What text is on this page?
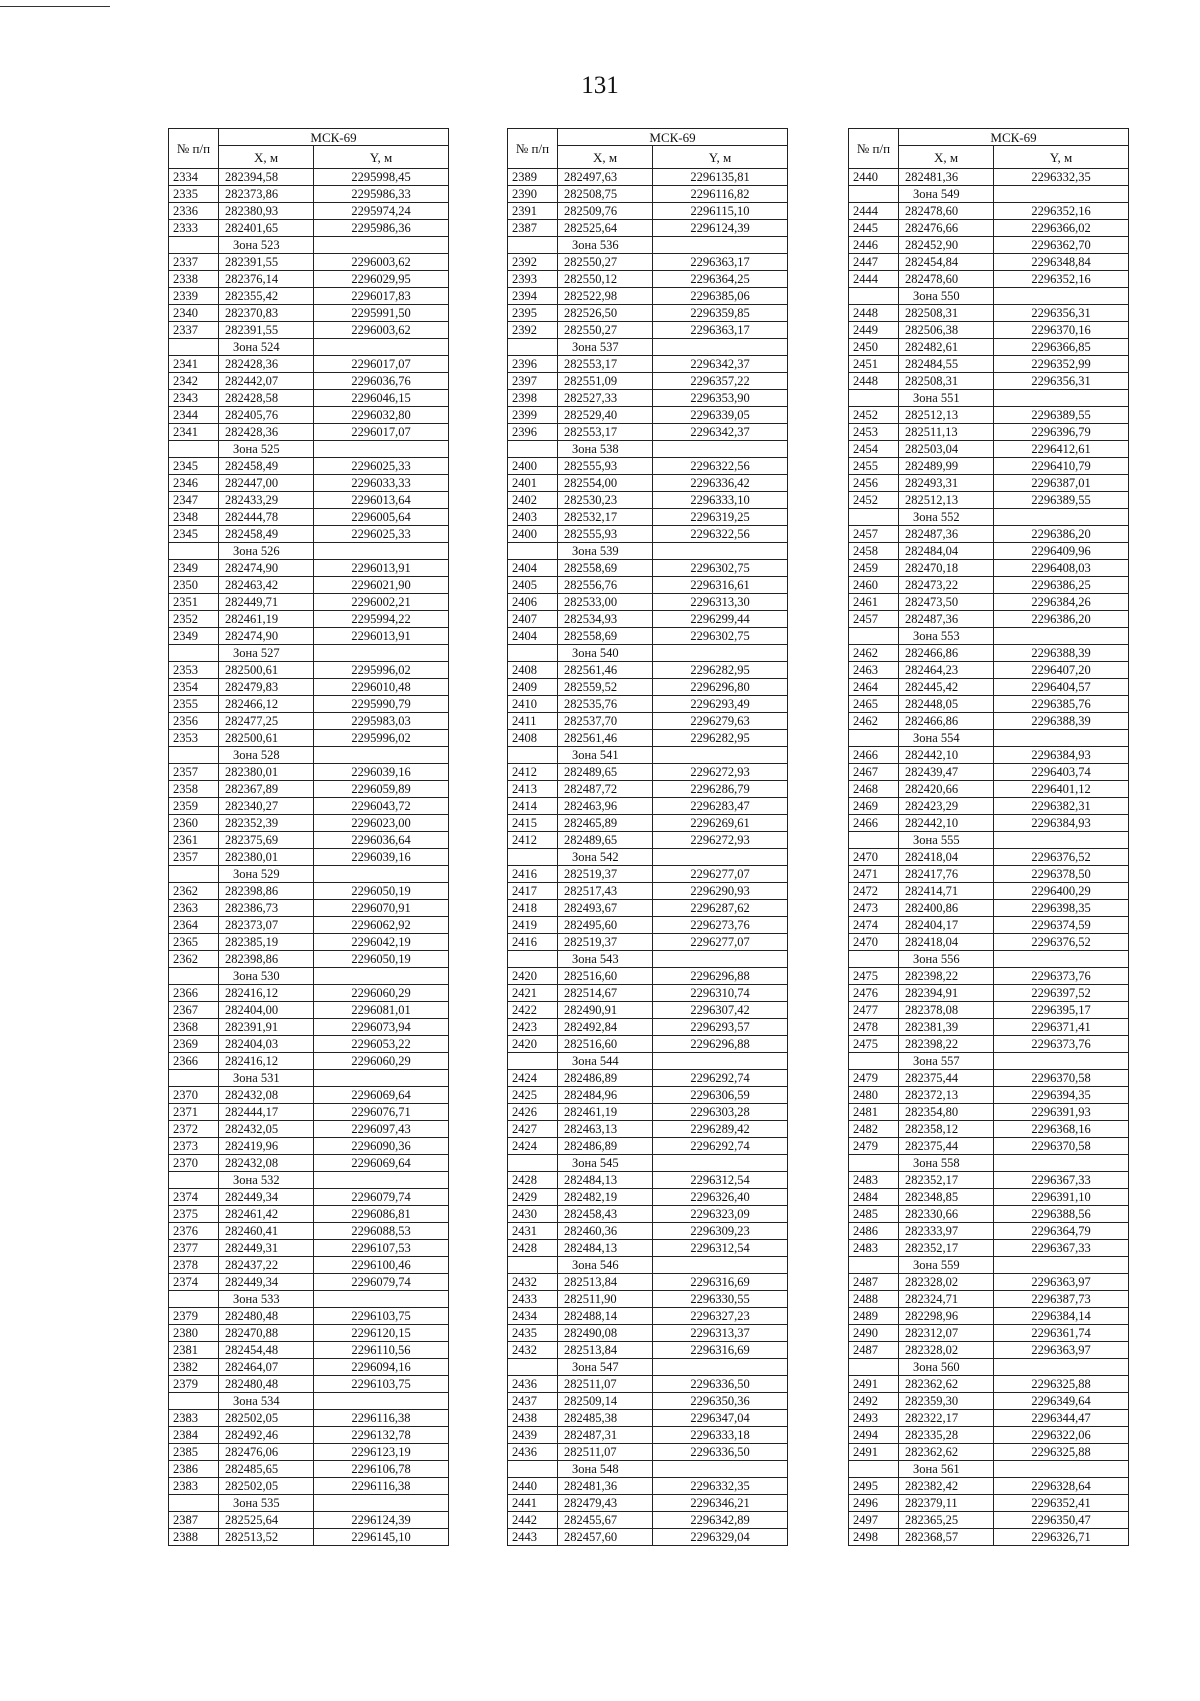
131
№ п/п	МСК-69	
	X, м	Y, м
2334	282394,58	2295998,45
2335	282373,86	2295986,33
2336	282380,93	2295974,24
2333	282401,65	2295986,36
	Зона 523	
2337	282391,55	2296003,62
2338	282376,14	2296029,95
2339	282355,42	2296017,83
2340	282370,83	2295991,50
2337	282391,55	2296003,62
	Зона 524	
2341	282428,36	2296017,07
2342	282442,07	2296036,76
2343	282428,58	2296046,15
2344	282405,76	2296032,80
2341	282428,36	2296017,07
	Зона 525	
2345	282458,49	2296025,33
2346	282447,00	2296033,33
2347	282433,29	2296013,64
2348	282444,78	2296005,64
2345	282458,49	2296025,33
	Зона 526	
2349	282474,90	2296013,91
2350	282463,42	2296021,90
2351	282449,71	2296002,21
2352	282461,19	2295994,22
2349	282474,90	2296013,91
	Зона 527	
2353	282500,61	2295996,02
2354	282479,83	2296010,48
2355	282466,12	2295990,79
2356	282477,25	2295983,03
2353	282500,61	2295996,02
	Зона 528	
2357	282380,01	2296039,16
2358	282367,89	2296059,89
2359	282340,27	2296043,72
2360	282352,39	2296023,00
2361	282375,69	2296036,64
2357	282380,01	2296039,16
	Зона 529	
2362	282398,86	2296050,19
2363	282386,73	2296070,91
2364	282373,07	2296062,92
2365	282385,19	2296042,19
2362	282398,86	2296050,19
	Зона 530	
2366	282416,12	2296060,29
2367	282404,00	2296081,01
2368	282391,91	2296073,94
2369	282404,03	2296053,22
2366	282416,12	2296060,29
	Зона 531	
2370	282432,08	2296069,64
2371	282444,17	2296076,71
2372	282432,05	2296097,43
2373	282419,96	2296090,36
2370	282432,08	2296069,64
	Зона 532	
2374	282449,34	2296079,74
2375	282461,42	2296086,81
2376	282460,41	2296088,53
2377	282449,31	2296107,53
2378	282437,22	2296100,46
2374	282449,34	2296079,74
	Зона 533	
2379	282480,48	2296103,75
2380	282470,88	2296120,15
2381	282454,48	2296110,56
2382	282464,07	2296094,16
2379	282480,48	2296103,75
	Зона 534	
2383	282502,05	2296116,38
2384	282492,46	2296132,78
2385	282476,06	2296123,19
2386	282485,65	2296106,78
2383	282502,05	2296116,38
	Зона 535	
2387	282525,64	2296124,39
2388	282513,52	2296145,10
№ п/п	МСК-69	
	X, м	Y, м
2389	282497,63	2296135,81
2390	282508,75	2296116,82
2391	282509,76	2296115,10
2387	282525,64	2296124,39
	Зона 536	
2392	282550,27	2296363,17
2393	282550,12	2296364,25
2394	282522,98	2296385,06
2395	282526,50	2296359,85
2392	282550,27	2296363,17
	Зона 537	
2396	282553,17	2296342,37
2397	282551,09	2296357,22
2398	282527,33	2296353,90
2399	282529,40	2296339,05
2396	282553,17	2296342,37
	Зона 538	
2400	282555,93	2296322,56
2401	282554,00	2296336,42
2402	282530,23	2296333,10
2403	282532,17	2296319,25
2400	282555,93	2296322,56
	Зона 539	
2404	282558,69	2296302,75
2405	282556,76	2296316,61
2406	282533,00	2296313,30
2407	282534,93	2296299,44
2404	282558,69	2296302,75
	Зона 540	
2408	282561,46	2296282,95
2409	282559,52	2296296,80
2410	282535,76	2296293,49
2411	282537,70	2296279,63
2408	282561,46	2296282,95
	Зона 541	
2412	282489,65	2296272,93
2413	282487,72	2296286,79
2414	282463,96	2296283,47
2415	282465,89	2296269,61
2412	282489,65	2296272,93
	Зона 542	
2416	282519,37	2296277,07
2417	282517,43	2296290,93
2418	282493,67	2296287,62
2419	282495,60	2296273,76
2416	282519,37	2296277,07
	Зона 543	
2420	282516,60	2296296,88
2421	282514,67	2296310,74
2422	282490,91	2296307,42
2423	282492,84	2296293,57
2420	282516,60	2296296,88
	Зона 544	
2424	282486,89	2296292,74
2425	282484,96	2296306,59
2426	282461,19	2296303,28
2427	282463,13	2296289,42
2424	282486,89	2296292,74
	Зона 545	
2428	282484,13	2296312,54
2429	282482,19	2296326,40
2430	282458,43	2296323,09
2431	282460,36	2296309,23
2428	282484,13	2296312,54
	Зона 546	
2432	282513,84	2296316,69
2433	282511,90	2296330,55
2434	282488,14	2296327,23
2435	282490,08	2296313,37
2432	282513,84	2296316,69
	Зона 547	
2436	282511,07	2296336,50
2437	282509,14	2296350,36
2438	282485,38	2296347,04
2439	282487,31	2296333,18
2436	282511,07	2296336,50
	Зона 548	
2440	282481,36	2296332,35
2441	282479,43	2296346,21
2442	282455,67	2296342,89
2443	282457,60	2296329,04
№ п/п	МСК-69	
	X, м	Y, м
2440	282481,36	2296332,35
	Зона 549	
2444	282478,60	2296352,16
2445	282476,66	2296366,02
2446	282452,90	2296362,70
2447	282454,84	2296348,84
2444	282478,60	2296352,16
	Зона 550	
2448	282508,31	2296356,31
2449	282506,38	2296370,16
2450	282482,61	2296366,85
2451	282484,55	2296352,99
2448	282508,31	2296356,31
	Зона 551	
2452	282512,13	2296389,55
2453	282511,13	2296396,79
2454	282503,04	2296412,61
2455	282489,99	2296410,79
2456	282493,31	2296387,01
2452	282512,13	2296389,55
	Зона 552	
2457	282487,36	2296386,20
2458	282484,04	2296409,96
2459	282470,18	2296408,03
2460	282473,22	2296386,25
2461	282473,50	2296384,26
2457	282487,36	2296386,20
	Зона 553	
2462	282466,86	2296388,39
2463	282464,23	2296407,20
2464	282445,42	2296404,57
2465	282448,05	2296385,76
2462	282466,86	2296388,39
	Зона 554	
2466	282442,10	2296384,93
2467	282439,47	2296403,74
2468	282420,66	2296401,12
2469	282423,29	2296382,31
2466	282442,10	2296384,93
	Зона 555	
2470	282418,04	2296376,52
2471	282417,76	2296378,50
2472	282414,71	2296400,29
2473	282400,86	2296398,35
2474	282404,17	2296374,59
2470	282418,04	2296376,52
	Зона 556	
2475	282398,22	2296373,76
2476	282394,91	2296397,52
2477	282378,08	2296395,17
2478	282381,39	2296371,41
2475	282398,22	2296373,76
	Зона 557	
2479	282375,44	2296370,58
2480	282372,13	2296394,35
2481	282354,80	2296391,93
2482	282358,12	2296368,16
2479	282375,44	2296370,58
	Зона 558	
2483	282352,17	2296367,33
2484	282348,85	2296391,10
2485	282330,66	2296388,56
2486	282333,97	2296364,79
2483	282352,17	2296367,33
	Зона 559	
2487	282328,02	2296363,97
2488	282324,71	2296387,73
2489	282298,96	2296384,14
2490	282312,07	2296361,74
2487	282328,02	2296363,97
	Зона 560	
2491	282362,62	2296325,88
2492	282359,30	2296349,64
2493	282322,17	2296344,47
2494	282335,28	2296322,06
2491	282362,62	2296325,88
	Зона 561	
2495	282382,42	2296328,64
2496	282379,11	2296352,41
2497	282365,25	2296350,47
2498	282368,57	2296326,71
